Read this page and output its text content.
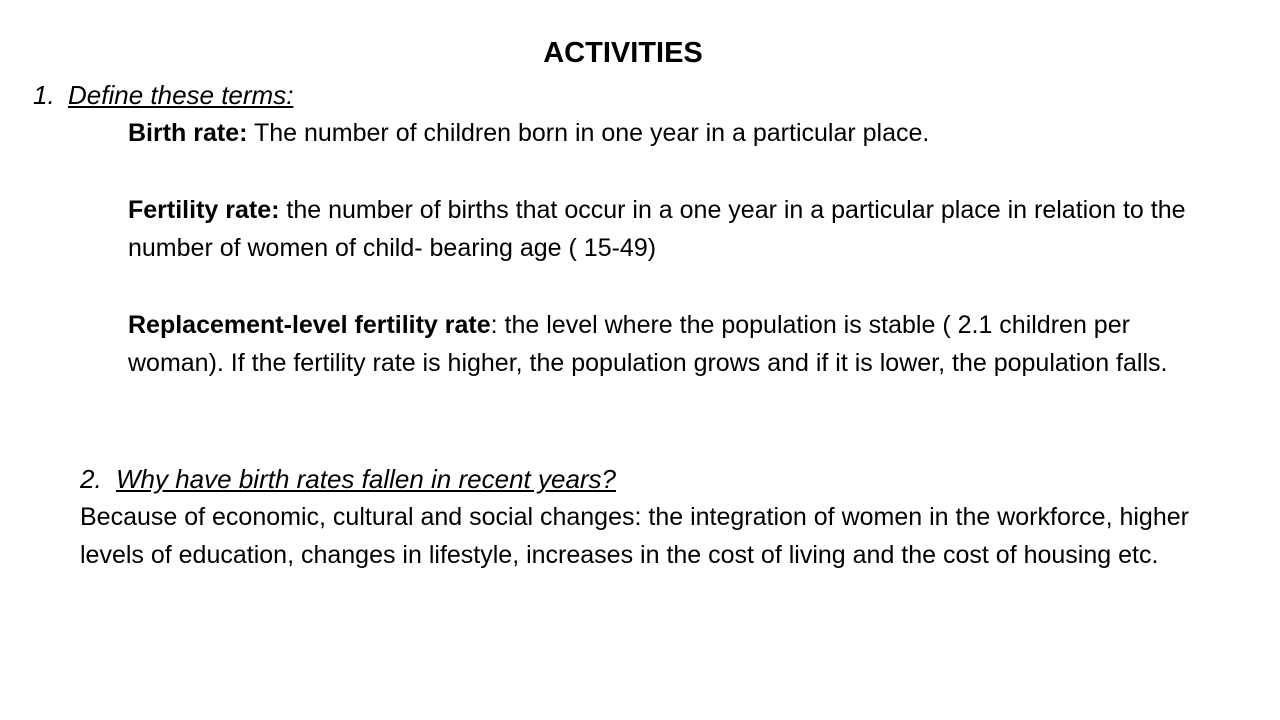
ACTIVITIES
1. Define these terms:

Birth rate: The number of children born in one year in a particular place.

Fertility rate: the number of births that occur in a one year in a particular place in relation to the number of women of child- bearing age ( 15-49)

Replacement-level fertility rate: the level where the population is stable ( 2.1 children per woman). If the fertility rate is higher, the population grows and if it is lower, the population falls.

2. Why have birth rates fallen in recent years?
Because of economic, cultural and social changes: the integration of women in the workforce, higher levels of education, changes in lifestyle, increases in the cost of living and the cost of housing etc.
